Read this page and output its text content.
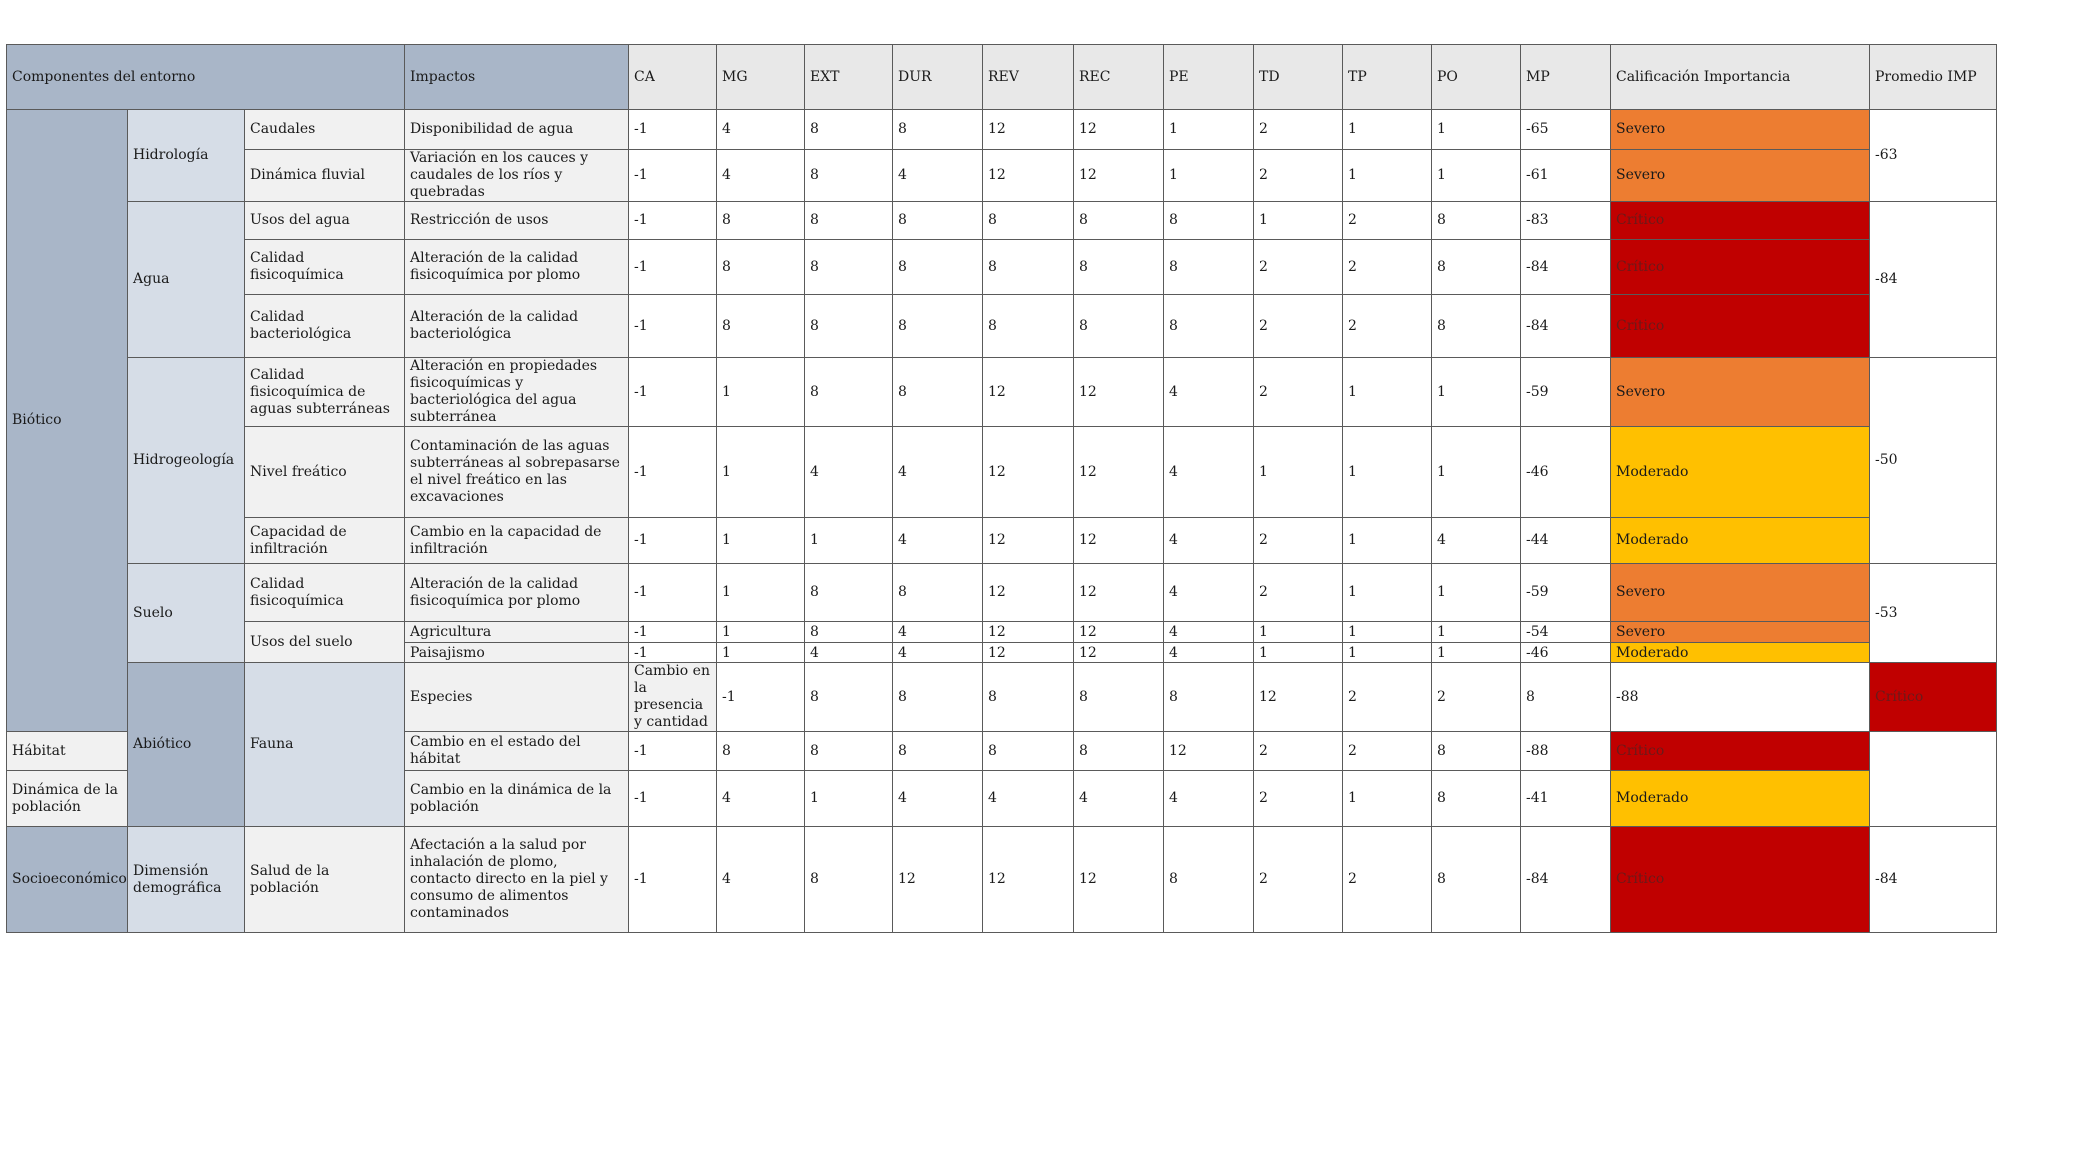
Componentes del entorno			Impactos	CA	MG	EXT	DUR	REV	REC	PE	TD	TP	PO	MP	Calificación Importancia	Promedio IMP	
Biótico	Hidrología	Caudales	Disponibilidad de agua	-1	4	8	8	12	12	1	2	1	1	-65	Severo	-63	
		Dinámica fluvial	Variación en los cauces y caudales de los ríos y quebradas	-1	4	8	4	12	12	1	2	1	1	-61	Severo		
	Agua	Usos del agua	Restricción de usos	-1	8	8	8	8	8	8	1	2	8	-83	Crítico	-84	
		Calidad fisicoquímica	Alteración de la calidad fisicoquímica por plomo	-1	8	8	8	8	8	8	2	2	8	-84	Crítico		
		Calidad bacteriológica	Alteración de la calidad bacteriológica	-1	8	8	8	8	8	8	2	2	8	-84	Crítico		
	Hidrogeología	Calidad fisicoquímica de aguas subterráneas	Alteración en propiedades fisicoquímicas y bacteriológica del agua subterránea	-1	1	8	8	12	12	4	2	1	1	-59	Severo	-50	
		Nivel freático	Contaminación de las aguas subterráneas al sobrepasarse el nivel freático en las excavaciones	-1	1	4	4	12	12	4	1	1	1	-46	Moderado		
		Capacidad de infiltración	Cambio en la capacidad de infiltración	-1	1	1	4	12	12	4	2	1	4	-44	Moderado		
	Suelo	Calidad fisicoquímica	Alteración de la calidad fisicoquímica por plomo	-1	1	8	8	12	12	4	2	1	1	-59	Severo	-53	
		Usos del suelo	Agricultura	-1	1	8	4	12	12	4	1	1	1	-54	Severo		
			Paisajismo	-1	1	4	4	12	12	4	1	1	1	-46	Moderado		
	Abiótico	Fauna	Especies	Cambio en la presencia y cantidad	-1	8	8	8	8	8	12	2	2	8	-88	Crítico	
Hábitat			Cambio en el estado del hábitat	-1	8	8	8	8	8	12	2	2	8	-88	Crítico		
Dinámica de la población			Cambio en la dinámica de la población	-1	4	1	4	4	4	4	2	1	8	-41	Moderado		
Socioeconómico	Dimensión demográfica	Salud de la población	Afectación a la salud por inhalación de plomo, contacto directo en la piel y consumo de alimentos contaminados	-1	4	8	12	12	12	8	2	2	8	-84	Crítico	-84	
